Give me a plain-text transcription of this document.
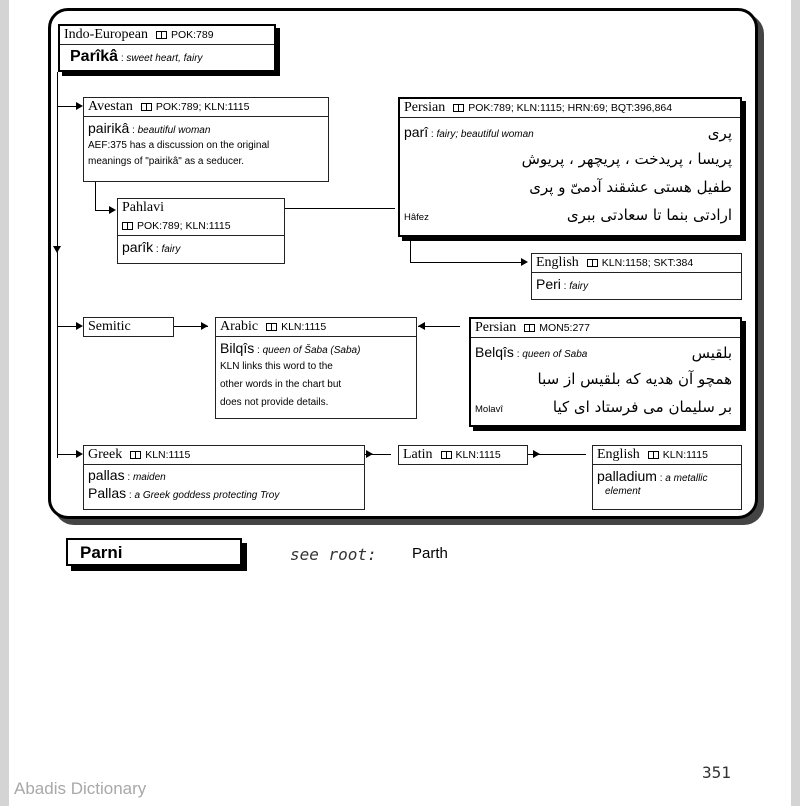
Indo-European POK:789
Parîkâ : sweet heart, fairy
Avestan POK:789; KLN:1115
pairikâ : beautiful woman
AEF:375 has a discussion on the original
meanings of "pairikâ" as a seducer.
Pahlavi
POK:789; KLN:1115
parîk : fairy
Persian POK:789; KLN:1115; HRN:69; BQT:396,864
parî : fairy; beautiful woman	پری
پریسا ، پریدخت ، پریچهر ، پریوش
طفیل هستی عشقند آدمیّ و پری
ارادتی بنما تا سعادتی ببری
Hâfez
English KLN:1158; SKT:384
Peri : fairy
Semitic	Arabic KLN:1115
Bilqîs : queen of Šaba (Saba)
KLN links this word to the
other words in the chart but
does not provide details.
Persian MON5:277
Belqîs : queen of Saba	بلقیس
همچو آن هدیه که بلقیس از سبا
بر سلیمان می فرستاد ای کیا
Molavî
Greek KLN:1115
pallas : maiden
Pallas : a Greek goddess protecting Troy
Latin KLN:1115	English KLN:1115
palladium : a metallic
element
Parni	see root: Parth
351
Abadis Dictionary
